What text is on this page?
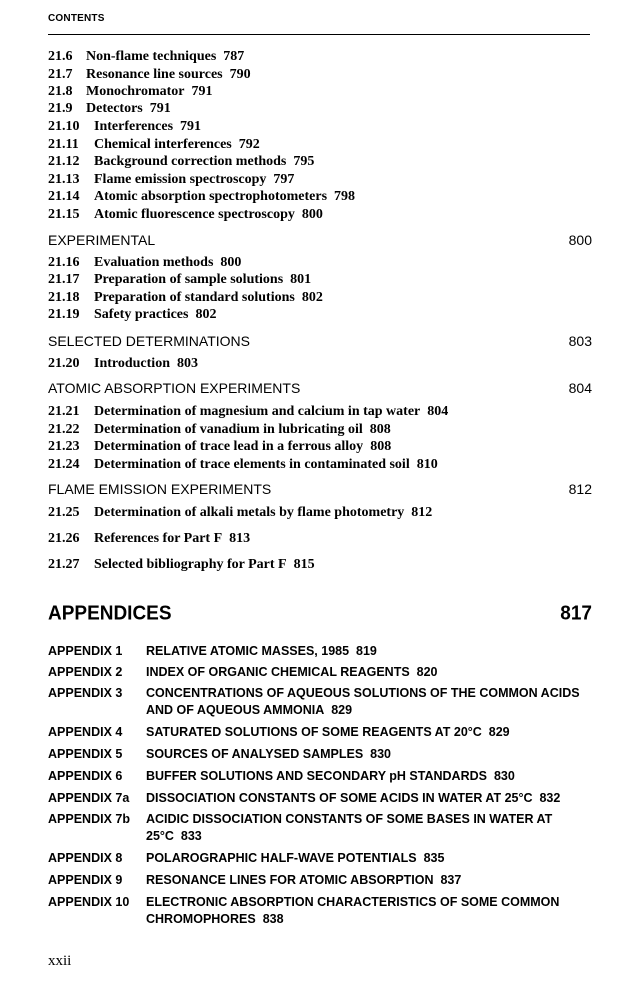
CONTENTS
21.6 Non-flame techniques 787
21.7 Resonance line sources 790
21.8 Monochromator 791
21.9 Detectors 791
21.10 Interferences 791
21.11 Chemical interferences 792
21.12 Background correction methods 795
21.13 Flame emission spectroscopy 797
21.14 Atomic absorption spectrophotometers 798
21.15 Atomic fluorescence spectroscopy 800
EXPERIMENTAL	800
21.16 Evaluation methods 800
21.17 Preparation of sample solutions 801
21.18 Preparation of standard solutions 802
21.19 Safety practices 802
SELECTED DETERMINATIONS	803
21.20 Introduction 803
ATOMIC ABSORPTION EXPERIMENTS	804
21.21 Determination of magnesium and calcium in tap water 804
21.22 Determination of vanadium in lubricating oil 808
21.23 Determination of trace lead in a ferrous alloy 808
21.24 Determination of trace elements in contaminated soil 810
FLAME EMISSION EXPERIMENTS	812
21.25 Determination of alkali metals by flame photometry 812
21.26 References for Part F 813
21.27 Selected bibliography for Part F 815
APPENDICES	817
APPENDIX 1 RELATIVE ATOMIC MASSES, 1985 819
APPENDIX 2 INDEX OF ORGANIC CHEMICAL REAGENTS 820
APPENDIX 3 CONCENTRATIONS OF AQUEOUS SOLUTIONS OF THE COMMON ACIDS AND OF AQUEOUS AMMONIA 829
APPENDIX 4 SATURATED SOLUTIONS OF SOME REAGENTS AT 20°C 829
APPENDIX 5 SOURCES OF ANALYSED SAMPLES 830
APPENDIX 6 BUFFER SOLUTIONS AND SECONDARY pH STANDARDS 830
APPENDIX 7a DISSOCIATION CONSTANTS OF SOME ACIDS IN WATER AT 25°C 832
APPENDIX 7b ACIDIC DISSOCIATION CONSTANTS OF SOME BASES IN WATER AT 25°C 833
APPENDIX 8 POLAROGRAPHIC HALF-WAVE POTENTIALS 835
APPENDIX 9 RESONANCE LINES FOR ATOMIC ABSORPTION 837
APPENDIX 10 ELECTRONIC ABSORPTION CHARACTERISTICS OF SOME COMMON CHROMOPHORES 838
xxii
